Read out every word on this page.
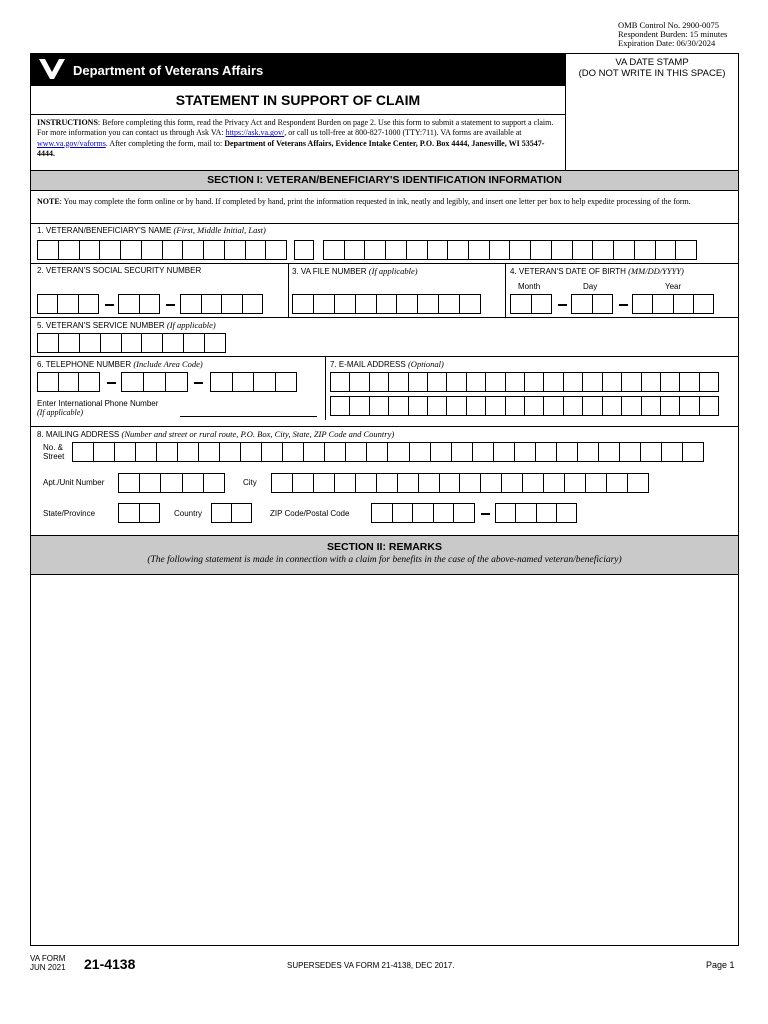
OMB Control No. 2900-0075
Respondent Burden: 15 minutes
Expiration Date: 06/30/2024
Department of Veterans Affairs
VA DATE STAMP
(DO NOT WRITE IN THIS SPACE)
STATEMENT IN SUPPORT OF CLAIM
INSTRUCTIONS: Before completing this form, read the Privacy Act and Respondent Burden on page 2. Use this form to submit a statement to support a claim. For more information you can contact us through Ask VA: https://ask.va.gov/, or call us toll-free at 800-827-1000 (TTY:711). VA forms are available at www.va.gov/vaforms. After completing the form, mail to: Department of Veterans Affairs, Evidence Intake Center, P.O. Box 4444, Janesville, WI 53547-4444.
SECTION I: VETERAN/BENEFICIARY'S IDENTIFICATION INFORMATION
NOTE: You may complete the form online or by hand. If completed by hand, print the information requested in ink, neatly and legibly, and insert one letter per box to help expedite processing of the form.
1. VETERAN/BENEFICIARY'S NAME (First, Middle Initial, Last)
2. VETERAN'S SOCIAL SECURITY NUMBER	3. VA FILE NUMBER (If applicable)	4. VETERAN'S DATE OF BIRTH (MM/DD/YYYY)
Month	Day	Year
5. VETERAN'S SERVICE NUMBER (If applicable)
6. TELEPHONE NUMBER (Include Area Code)
Enter International Phone Number
(If applicable)
7. E-MAIL ADDRESS (Optional)
8. MAILING ADDRESS (Number and street or rural route, P.O. Box, City, State, ZIP Code and Country)
No. &
Street
Apt./Unit Number	City
State/Province	Country	ZIP Code/Postal Code
SECTION II: REMARKS
(The following statement is made in connection with a claim for benefits in the case of the above-named veteran/beneficiary)
VA FORM
JUN 2021 21-4138	SUPERSEDES VA FORM 21-4138, DEC 2017.	Page 1
